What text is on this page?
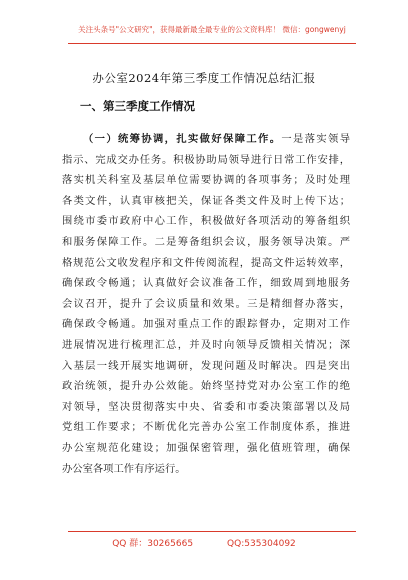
关注头条号"公文研究"，获得最新最全最专业的公文资料库！ 微信：gongwenyj
办公室2024年第三季度工作情况总结汇报
一、第三季度工作情况
（一）统筹协调，扎实做好保障工作。一是落实领导
指示、完成交办任务。积极协助局领导进行日常工作安排，
落实机关科室及基层单位需要协调的各项事务；及时处理
各类文件，认真审核把关，保证各类文件及时上传下达；
围绕市委市政府中心工作，积极做好各项活动的筹备组织
和服务保障工作。二是筹备组织会议，服务领导决策。严
格规范公文收发程序和文件传阅流程，提高文件运转效率，
确保政令畅通；认真做好会议准备工作，细致周到地服务
会议召开，提升了会议质量和效果。三是精细督办落实，
确保政令畅通。加强对重点工作的跟踪督办，定期对工作
进展情况进行梳理汇总，并及时向领导反馈相关情况；深
入基层一线开展实地调研，发现问题及时解决。四是突出
政治统领，提升办公效能。始终坚持党对办公室工作的绝
对领导，坚决贯彻落实中央、省委和市委决策部署以及局
党组工作要求；不断优化完善办公室工作制度体系，推进
办公室规范化建设；加强保密管理，强化值班管理，确保
办公室各项工作有序运行。
QQ 群：30265665	QQ:535304092
